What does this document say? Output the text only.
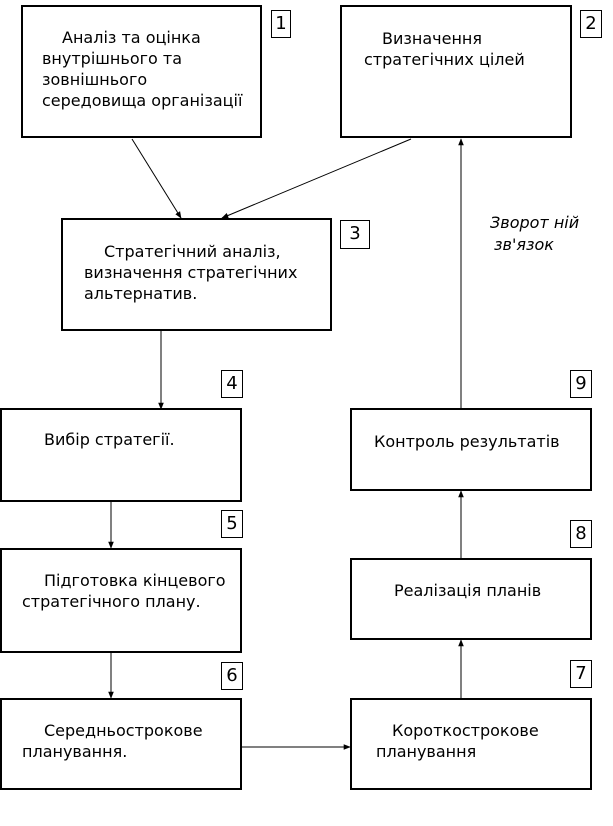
Аналіз та оцінка
внутрішнього та
зовнішнього
середовища організації
1
Визначення
стратегічних цілей
2
Стратегічний аналіз,
визначення стратегічних
альтернатив.
3
Вибір стратегії.
4
Підготовка кінцевого
стратегічного плану.
5
Середньострокове
планування.
6
Короткострокове
планування
7
Реалізація планів
8
Контроль результатів
9
Зворот ній
зв'язок
